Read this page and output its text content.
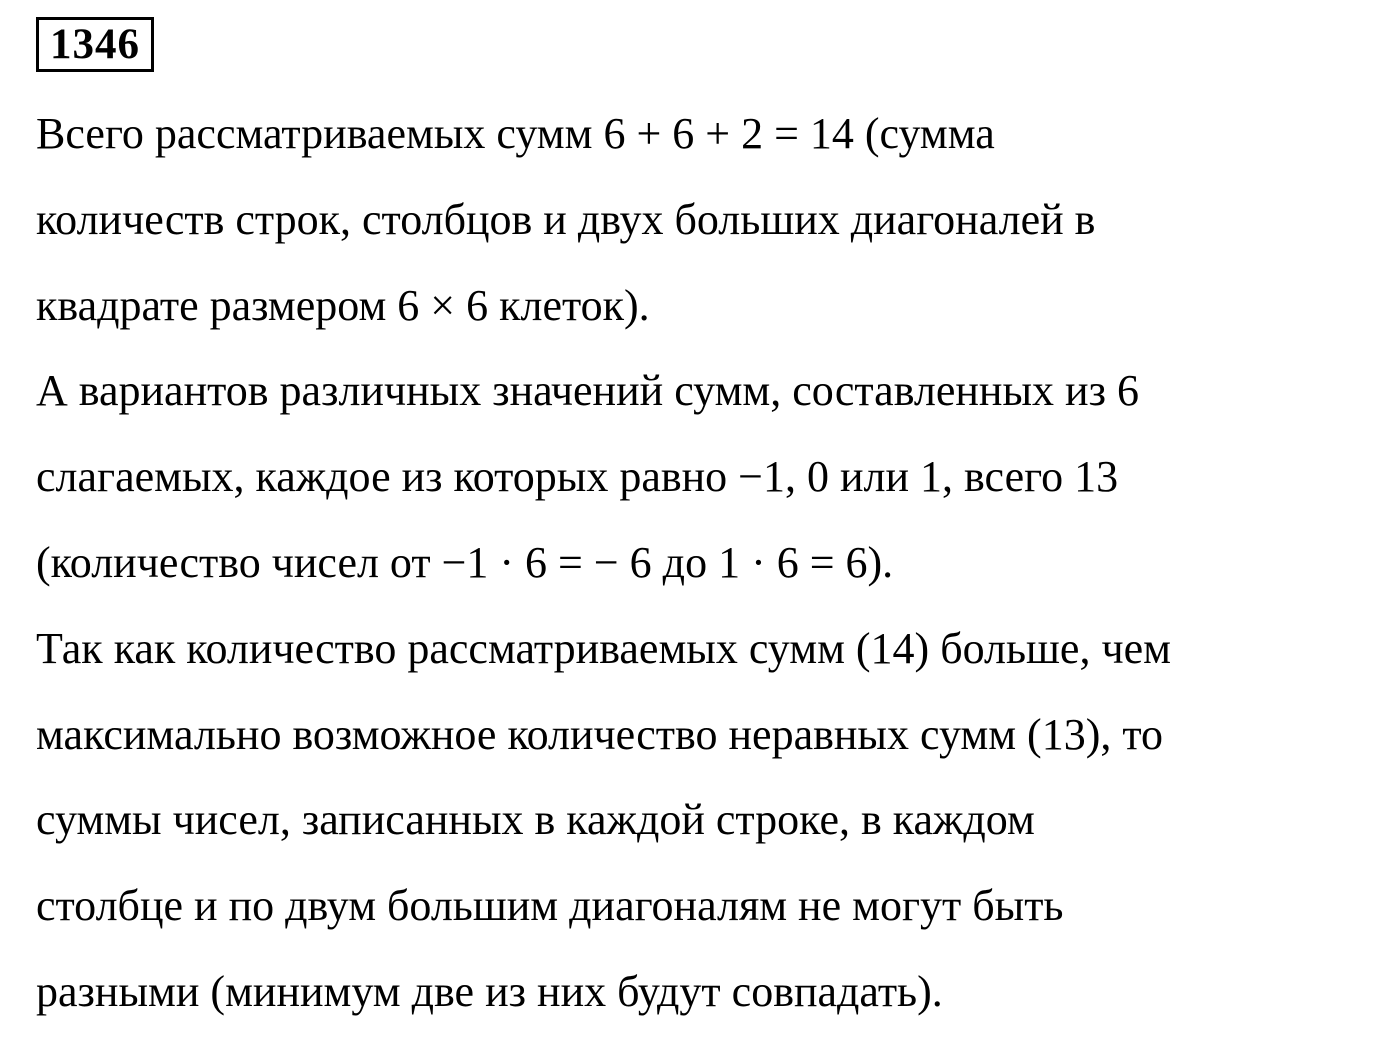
1346
Всего рассматриваемых сумм 6 + 6 + 2 = 14 (сумма
количеств строк, столбцов и двух больших диагоналей в
квадрате размером 6 × 6 клеток).
А вариантов различных значений сумм, составленных из 6
слагаемых, каждое из которых равно −1, 0 или 1, всего 13
(количество чисел от −1 · 6 = − 6 до 1 · 6 = 6).
Так как количество рассматриваемых сумм (14) больше, чем
максимально возможное количество неравных сумм (13), то
суммы чисел, записанных в каждой строке, в каждом
столбце и по двум большим диагоналям не могут быть
разными (минимум две из них будут совпадать).
